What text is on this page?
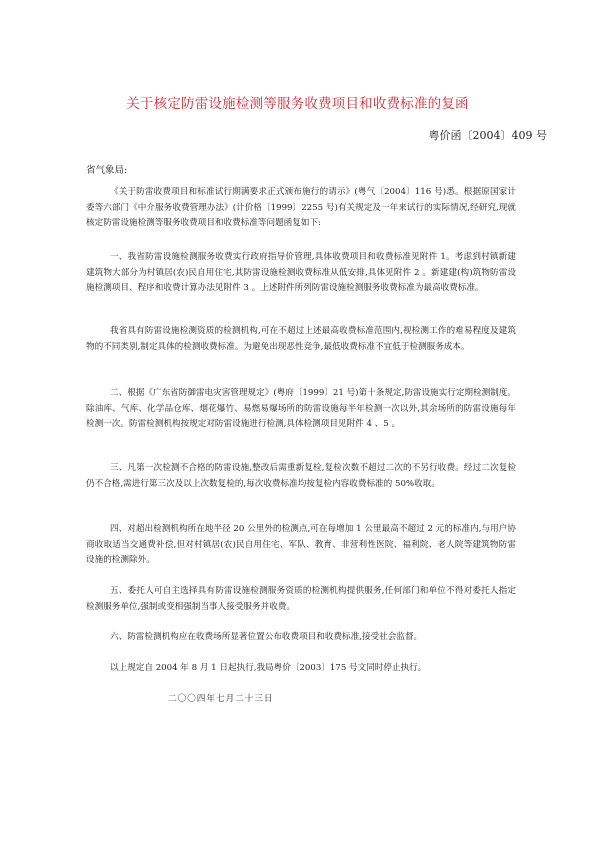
关于核定防雷设施检测等服务收费项目和收费标准的复函
粤价函〔2004〕409 号
省气象局:

《关于防雷收费项目和标准试行期满要求正式颁布施行的请示》(粤气〔2004〕116 号)悉。根据原国家计委等六部门《中介服务收费管理办法》(计价格〔1999〕2255 号)有关规定及一年来试行的实际情况,经研究,现就核定防雷设施检测等服务收费项目和收费标准等问题函复如下:

一、我省防雷设施检测服务收费实行政府指导价管理,具体收费项目和收费标准见附件 1。考虑到村镇新建建筑物大部分为村镇居(农)民自用住宅,其防雷设施检测收费标准从低安排,具体见附件 2 。新建建(构)筑物防雷设施检测项目、程序和收费计算办法见附件 3 。上述附件所列防雷设施检测服务收费标准为最高收费标准。

我省具有防雷设施检测资质的检测机构,可在不超过上述最高收费标准范围内,视检测工作的难易程度及建筑物的不同类别,制定具体的检测收费标准。为避免出现恶性竞争,最低收费标准不宜低于检测服务成本。

二、根据《广东省防御雷电灾害管理规定》(粤府〔1999〕21 号)第十条规定,防雷设施实行定期检测制度。除油库、气库、化学品仓库、烟花爆竹、易燃易爆场所的防雷设施每半年检测一次以外,其余场所的防雷设施每年检测一次。防雷检测机构按规定对防雷设施进行检测,具体检测项目见附件 4 、5 。

三、凡第一次检测不合格的防雷设施,整改后需重新复检,复检次数不超过二次的不另行收费。经过二次复检仍不合格,需进行第三次及以上次数复检的,每次收费标准均按复检内容收费标准的 50%收取。

四、对超出检测机构所在地半径 20 公里外的检测点,可在每增加 1 公里最高不超过 2 元的标准内,与用户协商收取适当交通费补偿,但对村镇居(农)民自用住宅、军队、教育、非营利性医院、福利院、老人院等建筑物防雷设施的检测除外。

五、委托人可自主选择具有防雷设施检测服务资质的检测机构提供服务,任何部门和单位不得对委托人指定检测服务单位,强制或变相强制当事人接受服务并收费。

六、防雷检测机构应在收费场所显著位置公布收费项目和收费标准,接受社会监督。

以上规定自 2004 年 8 月 1 日起执行,我局粤价〔2003〕175 号文同时停止执行。

二〇〇四年七月二十三日
